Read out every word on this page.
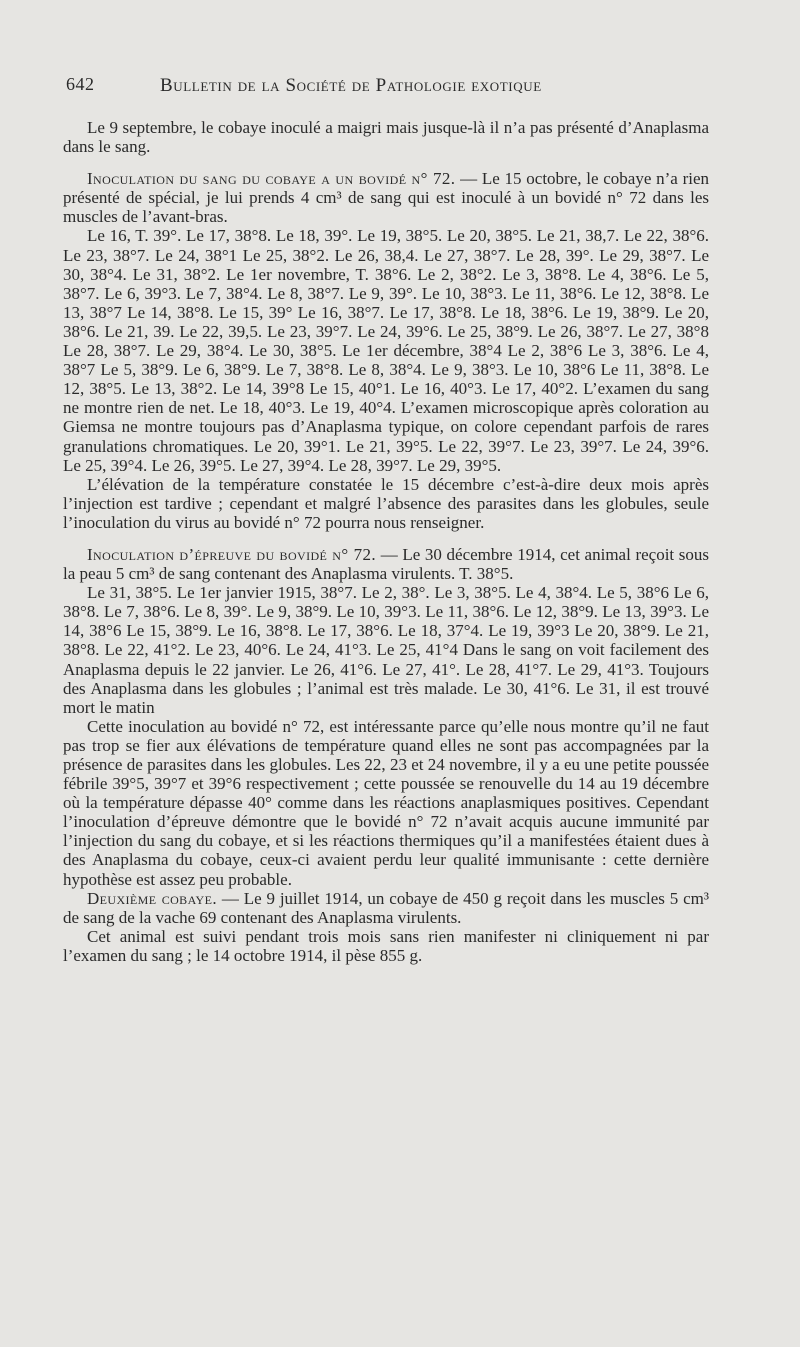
642	Bulletin de la Société de Pathologie exotique

Le 9 septembre, le cobaye inoculé a maigri mais jusque-là il n’a pas présenté d’Anaplasma dans le sang.

Inoculation du sang du cobaye a un bovidé n° 72. — Le 15 octobre, le cobaye n’a rien présenté de spécial, je lui prends 4 cm³ de sang qui est inoculé à un bovidé n° 72 dans les muscles de l’avant-bras.

Le 16, T. 39°. Le 17, 38°8. Le 18, 39°. Le 19, 38°5. Le 20, 38°5. Le 21, 38,7. Le 22, 38°6. Le 23, 38°7. Le 24, 38°1 Le 25, 38°2. Le 26, 38,4. Le 27, 38°7. Le 28, 39°. Le 29, 38°7. Le 30, 38°4. Le 31, 38°2. Le 1er novembre, T. 38°6. Le 2, 38°2. Le 3, 38°8. Le 4, 38°6. Le 5, 38°7. Le 6, 39°3. Le 7, 38°4. Le 8, 38°7. Le 9, 39°. Le 10, 38°3. Le 11, 38°6. Le 12, 38°8. Le 13, 38°7 Le 14, 38°8. Le 15, 39° Le 16, 38°7. Le 17, 38°8. Le 18, 38°6. Le 19, 38°9. Le 20, 38°6. Le 21, 39. Le 22, 39,5. Le 23, 39°7. Le 24, 39°6. Le 25, 38°9. Le 26, 38°7. Le 27, 38°8 Le 28, 38°7. Le 29, 38°4. Le 30, 38°5. Le 1er décembre, 38°4 Le 2, 38°6 Le 3, 38°6. Le 4, 38°7 Le 5, 38°9. Le 6, 38°9. Le 7, 38°8. Le 8, 38°4. Le 9, 38°3. Le 10, 38°6 Le 11, 38°8. Le 12, 38°5. Le 13, 38°2. Le 14, 39°8 Le 15, 40°1. Le 16, 40°3. Le 17, 40°2. L’examen du sang ne montre rien de net. Le 18, 40°3. Le 19, 40°4. L’examen microscopique après coloration au Giemsa ne montre toujours pas d’Anaplasma typique, on colore cependant parfois de rares granulations chromatiques. Le 20, 39°1. Le 21, 39°5. Le 22, 39°7. Le 23, 39°7. Le 24, 39°6. Le 25, 39°4. Le 26, 39°5. Le 27, 39°4. Le 28, 39°7. Le 29, 39°5.

L’élévation de la température constatée le 15 décembre c’est-à-dire deux mois après l’injection est tardive ; cependant et malgré l’absence des parasites dans les globules, seule l’inoculation du virus au bovidé n° 72 pourra nous renseigner.

Inoculation d’épreuve du bovidé n° 72. — Le 30 décembre 1914, cet animal reçoit sous la peau 5 cm³ de sang contenant des Anaplasma virulents. T. 38°5.

Le 31, 38°5. Le 1er janvier 1915, 38°7. Le 2, 38°. Le 3, 38°5. Le 4, 38°4. Le 5, 38°6 Le 6, 38°8. Le 7, 38°6. Le 8, 39°. Le 9, 38°9. Le 10, 39°3. Le 11, 38°6. Le 12, 38°9. Le 13, 39°3. Le 14, 38°6 Le 15, 38°9. Le 16, 38°8. Le 17, 38°6. Le 18, 37°4. Le 19, 39°3 Le 20, 38°9. Le 21, 38°8. Le 22, 41°2. Le 23, 40°6. Le 24, 41°3. Le 25, 41°4 Dans le sang on voit facilement des Anaplasma depuis le 22 janvier. Le 26, 41°6. Le 27, 41°. Le 28, 41°7. Le 29, 41°3. Toujours des Anaplasma dans les globules ; l’animal est très malade. Le 30, 41°6. Le 31, il est trouvé mort le matin

Cette inoculation au bovidé n° 72, est intéressante parce qu’elle nous montre qu’il ne faut pas trop se fier aux élévations de température quand elles ne sont pas accompagnées par la présence de parasites dans les globules. Les 22, 23 et 24 novembre, il y a eu une petite poussée fébrile 39°5, 39°7 et 39°6 respectivement ; cette poussée se renouvelle du 14 au 19 décembre où la température dépasse 40° comme dans les réactions anaplasmiques positives. Cependant l’inoculation d’épreuve démontre que le bovidé n° 72 n’avait acquis aucune immunité par l’injection du sang du cobaye, et si les réactions thermiques qu’il a manifestées étaient dues à des Anaplasma du cobaye, ceux-ci avaient perdu leur qualité immunisante : cette dernière hypothèse est assez peu probable.

Deuxième cobaye. — Le 9 juillet 1914, un cobaye de 450 g reçoit dans les muscles 5 cm³ de sang de la vache 69 contenant des Anaplasma virulents.

Cet animal est suivi pendant trois mois sans rien manifester ni cliniquement ni par l’examen du sang ; le 14 octobre 1914, il pèse 855 g.
